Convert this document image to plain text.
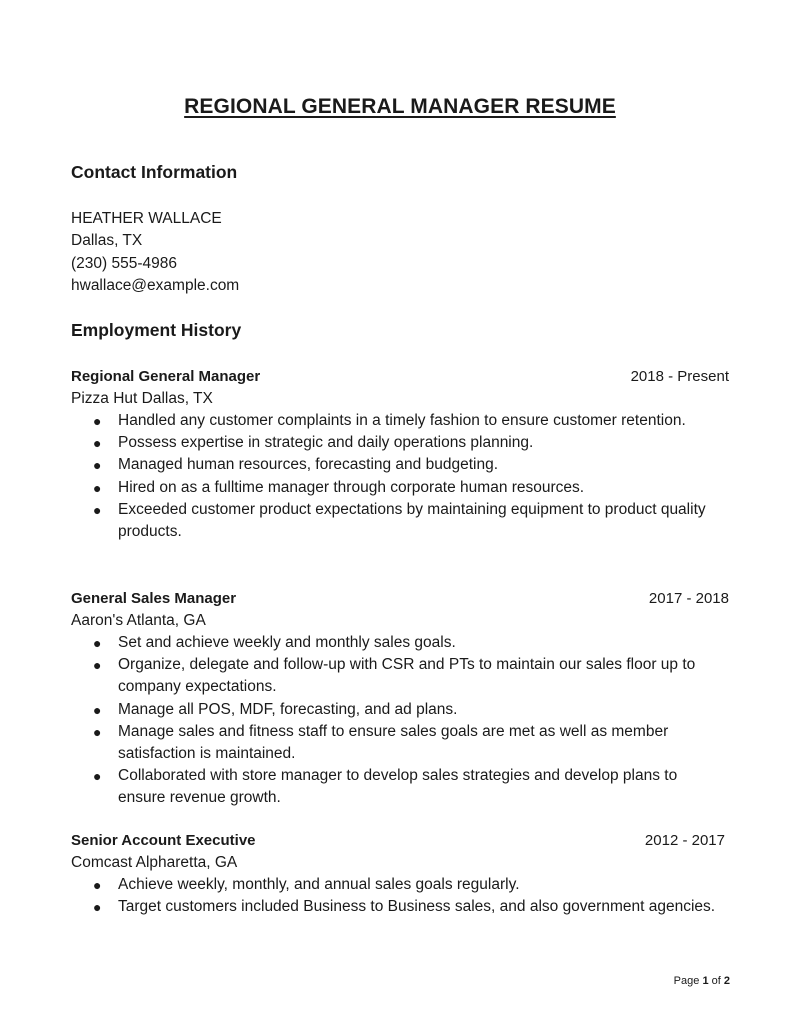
REGIONAL GENERAL MANAGER RESUME
Contact Information
HEATHER WALLACE
Dallas, TX
(230) 555-4986
hwallace@example.com
Employment History
Regional General Manager	2018 - Present
Pizza Hut Dallas, TX
● Handled any customer complaints in a timely fashion to ensure customer retention.
● Possess expertise in strategic and daily operations planning.
● Managed human resources, forecasting and budgeting.
● Hired on as a fulltime manager through corporate human resources.
● Exceeded customer product expectations by maintaining equipment to product quality products.
General Sales Manager	2017 - 2018
Aaron's Atlanta, GA
● Set and achieve weekly and monthly sales goals.
● Organize, delegate and follow-up with CSR and PTs to maintain our sales floor up to company expectations.
● Manage all POS, MDF, forecasting, and ad plans.
● Manage sales and fitness staff to ensure sales goals are met as well as member satisfaction is maintained.
● Collaborated with store manager to develop sales strategies and develop plans to ensure revenue growth.
Senior Account Executive	2012 - 2017
Comcast Alpharetta, GA
● Achieve weekly, monthly, and annual sales goals regularly.
● Target customers included Business to Business sales, and also government agencies.
Page 1 of 2
